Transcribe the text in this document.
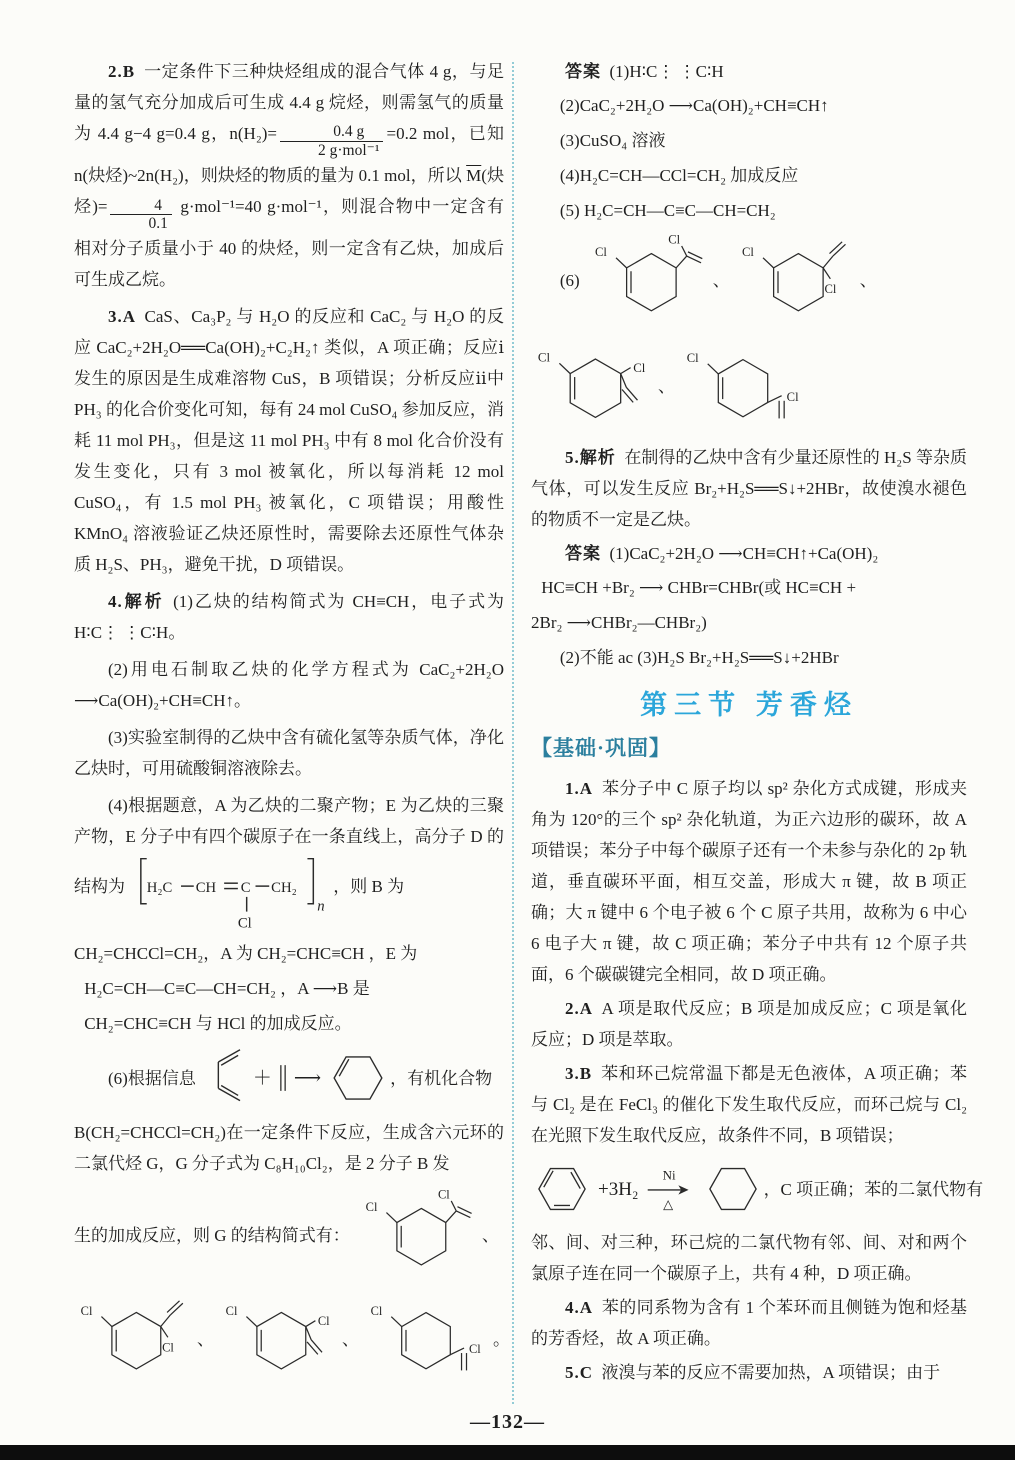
2.B 一定条件下三种炔烃组成的混合气体 4 g，与足量的氢气充分加成后可生成 4.4 g 烷烃，则需氢气的质量为 4.4 g−4 g=0.4 g，$n(H_2)= \frac{0.4 g}{\text{2 g·mol⁻¹}} =0.2$ mol，已知 n(炔烃)~2n(H₂)，则炔烃的物质的量为 0.1 mol，所以 $\overline{M}$(炔烃)= $\frac{4}{0.1} g\cdot mol^{-1}=40$ g·mol⁻¹，则混合物中一定含有相对分子质量小于 40 的炔烃，则一定含有乙炔，加成后可生成乙烷。

3.A CaS、Ca₃P₂ 与 H₂O 的反应和 CaC₂ 与 H₂O 的反应 CaC₂+2H₂O══Ca(OH)₂+C₂H₂↑ 类似，A 项正确；反应ⅰ发生的原因是生成难溶物 CuS，B 项错误；分析反应ⅱ中 PH₃ 的化合价变化可知，每有 24 mol CuSO₄ 参加反应，消耗 11 mol PH₃，但是这 11 mol PH₃ 中有 8 mol 化合价没有发生变化，只有 3 mol 被氧化，所以每消耗 12 mol CuSO₄，有 1.5 mol PH₃ 被氧化，C 项错误；用酸性 KMnO₄ 溶液验证乙炔还原性时，需要除去还原性气体杂质 H₂S、PH₃，避免干扰，D 项错误。

4.解析 (1)乙炔的结构简式为 CH≡CH，电子式为 H∶C⋮ ⋮C∶H。

(2)用电石制取乙炔的化学方程式为 CaC₂+2H₂O ⟶Ca(OH)₂+CH≡CH↑。

(3)实验室制得的乙炔中含有硫化氢等杂质气体，净化乙炔时，可用硫酸铜溶液除去。

(4)根据题意，A 为乙炔的二聚产物；E 为乙炔的三聚产物，E 分子中有四个碳原子在一条直线上，高分子 D 的结构为 H₂C CH C CH₂
n
Cl
，则 B 为

CH₂=CHCCl=CH₂，A 为 CH₂=CHC≡CH ，E 为
H₂C=CH—C≡C—CH=CH₂ ，A ⟶B 是
CH₂=CHC≡CH 与 HCl 的加成反应。
(6)根据信息	＋ ⟶	，有机化合物

B(CH₂=CHCCl=CH₂)在一定条件下反应，生成含六元环的二氯代烃 G，G 分子式为 C₈H₁₀Cl₂，是 2 分子 B 发

生的加成反应，则 G 的结构简式有：
Cl
Cl
、
Cl
Cl 、
Cl
Cl
、
Cl
Cl
。

答案 (1)H∶C⋮ ⋮C∶H

(2)CaC₂+2H₂O ⟶Ca(OH)₂+CH≡CH↑
(3)CuSO₄ 溶液
(4)H₂C=CH—CCl=CH₂ 加成反应
(5) H₂C=CH—C≡C—CH=CH₂
(6)
Cl
Cl
、
Cl
Cl 、
Cl
Cl
、
Cl
Cl

5.解析 在制得的乙炔中含有少量还原性的 H₂S 等杂质气体，可以发生反应 Br₂+H₂S══S↓+2HBr，故使溴水褪色的物质不一定是乙炔。

答案 (1)CaC₂+2H₂O ⟶CH≡CH↑+Ca(OH)₂

HC≡CH +Br₂ ⟶ CHBr=CHBr(或 HC≡CH +
2Br₂ ⟶CHBr₂—CHBr₂)
(2)不能 ac (3)H₂S Br₂+H₂S══S↓+2HBr
第三节 芳香烃
【基础·巩固】

1.A 苯分子中 C 原子均以 sp² 杂化方式成键，形成夹角为 120°的三个 sp² 杂化轨道，为正六边形的碳环，故 A 项错误；苯分子中每个碳原子还有一个未参与杂化的 2p 轨道，垂直碳环平面，相互交盖，形成大 π 键，故 B 项正确；大 π 键中 6 个电子被 6 个 C 原子共用，故称为 6 中心 6 电子大 π 键，故 C 项正确；苯分子中共有 12 个原子共面，6 个碳碳键完全相同，故 D 项正确。

2.A A 项是取代反应；B 项是加成反应；C 项是氧化反应；D 项是萃取。

3.B 苯和环己烷常温下都是无色液体，A 项正确；苯与 Cl₂ 是在 FeCl₃ 的催化下发生取代反应，而环己烷与 Cl₂ 在光照下发生取代反应，故条件不同，B 项错误；

+3H₂
Ni
△
，C 项正确；苯的二氯代物有

邻、间、对三种，环己烷的二氯代物有邻、间、对和两个氯原子连在同一个碳原子上，共有 4 种，D 项正确。

4.A 苯的同系物为含有 1 个苯环而且侧链为饱和烃基的芳香烃，故 A 项正确。

5.C 液溴与苯的反应不需要加热，A 项错误；由于

—132—
